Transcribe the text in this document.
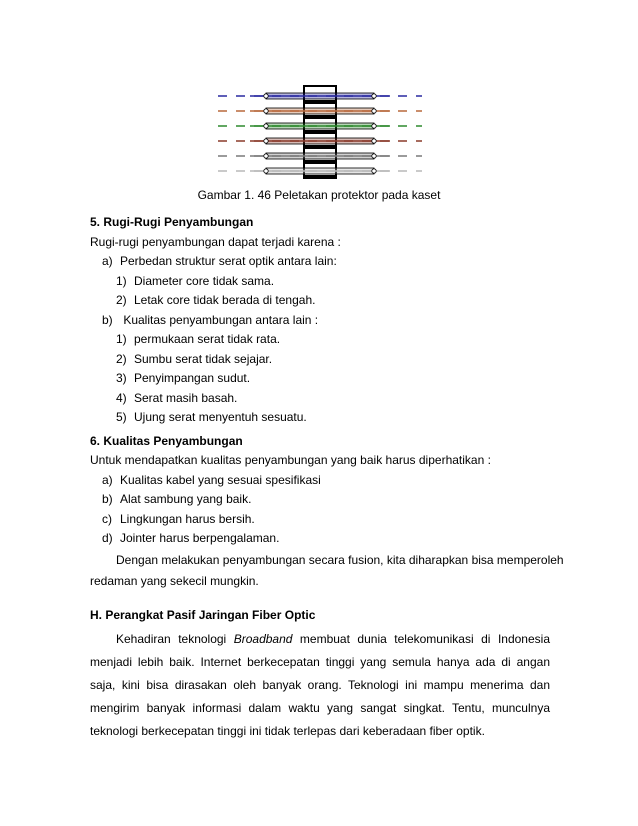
Gambar 1. 46 Peletakan protektor pada kaset
5. Rugi-Rugi Penyambungan
Rugi-rugi penyambungan dapat terjadi karena :
a) Perbedan struktur serat optik antara lain:
1) Diameter core tidak sama.
2) Letak core tidak berada di tengah.
b) Kualitas penyambungan antara lain :
1) permukaan serat tidak rata.
2) Sumbu serat tidak sejajar.
3) Penyimpangan sudut.
4) Serat masih basah.
5) Ujung serat menyentuh sesuatu.
6. Kualitas Penyambungan
Untuk mendapatkan kualitas penyambungan yang baik harus diperhatikan :
a) Kualitas kabel yang sesuai spesifikasi
b) Alat sambung yang baik.
c) Lingkungan harus bersih.
d) Jointer harus berpengalaman.
Dengan melakukan penyambungan secara fusion, kita diharapkan bisa memperoleh
redaman yang sekecil mungkin.
H. Perangkat Pasif Jaringan Fiber Optic

Kehadiran teknologi Broadband membuat dunia telekomunikasi di Indonesia menjadi lebih baik. Internet berkecepatan tinggi yang semula hanya ada di angan saja, kini bisa dirasakan oleh banyak orang. Teknologi ini mampu menerima dan mengirim banyak informasi dalam waktu yang sangat singkat. Tentu, munculnya teknologi berkecepatan tinggi ini tidak terlepas dari keberadaan fiber optik.
